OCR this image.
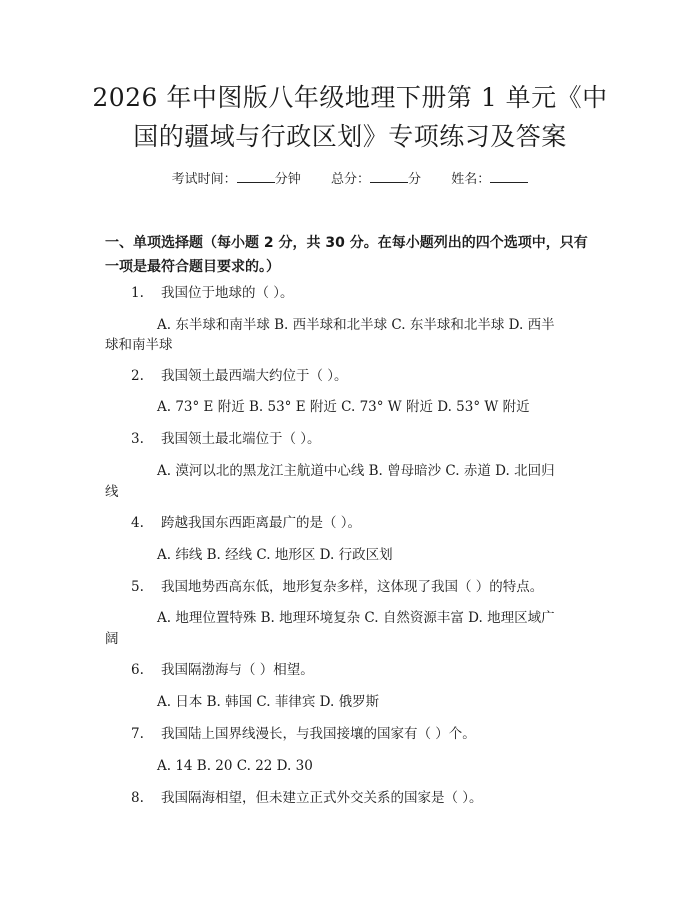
2026 年中图版八年级地理下册第 1 单元《中
国的疆域与行政区划》专项练习及答案
考试时间：	分钟 总分：	分 姓名：
一、单项选择题（每小题 2 分，共 30 分。在每小题列出的四个选项中，只有一项是最符合题目要求的。）
1. 我国位于地球的（ ）。
A. 东半球和南半球 B. 西半球和北半球 C. 东半球和北半球 D. 西半
球和南半球
2. 我国领土最西端大约位于（ ）。
A. 73° E 附近 B. 53° E 附近 C. 73° W 附近 D. 53° W 附近
3. 我国领土最北端位于（ ）。
A. 漠河以北的黑龙江主航道中心线 B. 曾母暗沙 C. 赤道 D. 北回归
线
4. 跨越我国东西距离最广的是（ ）。
A. 纬线 B. 经线 C. 地形区 D. 行政区划
5. 我国地势西高东低，地形复杂多样，这体现了我国（ ）的特点。
A. 地理位置特殊 B. 地理环境复杂 C. 自然资源丰富 D. 地理区域广
阔
6. 我国隔渤海与（ ）相望。
A. 日本 B. 韩国 C. 菲律宾 D. 俄罗斯
7. 我国陆上国界线漫长，与我国接壤的国家有（ ）个。
A. 14 B. 20 C. 22 D. 30
8. 我国隔海相望，但未建立正式外交关系的国家是（ ）。
